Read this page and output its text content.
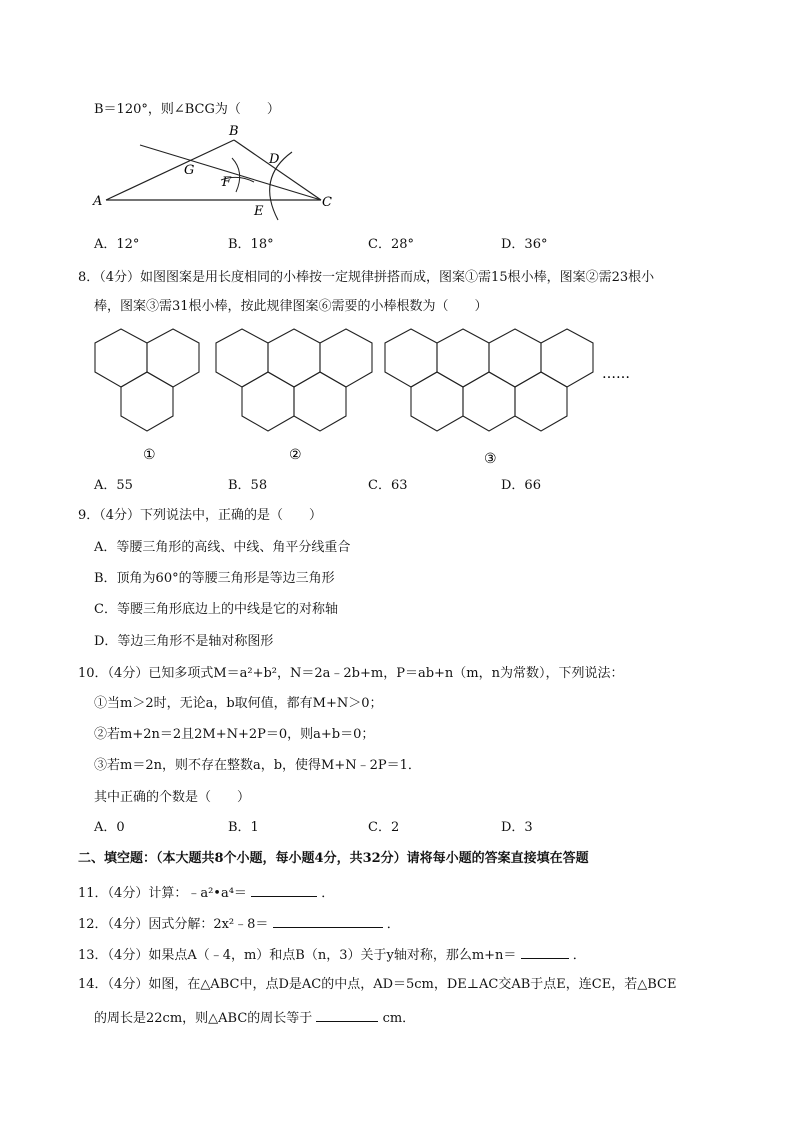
B＝120°，则∠BCG为（　　）
A
B
C
D
E
F
G
A．12°	B．18°	C．28°	D．36°
8．（4分）如图图案是用长度相同的小棒按一定规律拼搭而成，图案①需15根小棒，图案②需23根小
棒，图案③需31根小棒，按此规律图案⑥需要的小棒根数为（　　）
……
①	②	③
A．55	B．58	C．63	D．66
9．（4分）下列说法中，正确的是（　　）
A．等腰三角形的高线、中线、角平分线重合
B．顶角为60°的等腰三角形是等边三角形
C．等腰三角形底边上的中线是它的对称轴
D．等边三角形不是轴对称图形
10．（4分）已知多项式M＝a²+b²，N＝2a﹣2b+m，P＝ab+n（m，n为常数），下列说法：
①当m＞2时，无论a，b取何值，都有M+N＞0；
②若m+2n＝2且2M+N+2P＝0，则a+b＝0；
③若m＝2n，则不存在整数a，b，使得M+N﹣2P＝1．
其中正确的个数是（　　）
A．0	B．1	C．2	D．3
二、填空题：（本大题共8个小题，每小题4分，共32分）请将每小题的答案直接填在答题
11．（4分）计算：﹣a²•a⁴＝	．
12．（4分）因式分解：2x²﹣8＝	．
13．（4分）如果点A（﹣4，m）和点B（n，3）关于y轴对称，那么m+n＝	．
14．（4分）如图，在△ABC中，点D是AC的中点，AD＝5cm，DE⊥AC交AB于点E，连CE，若△BCE
的周长是22cm，则△ABC的周长等于	cm．
